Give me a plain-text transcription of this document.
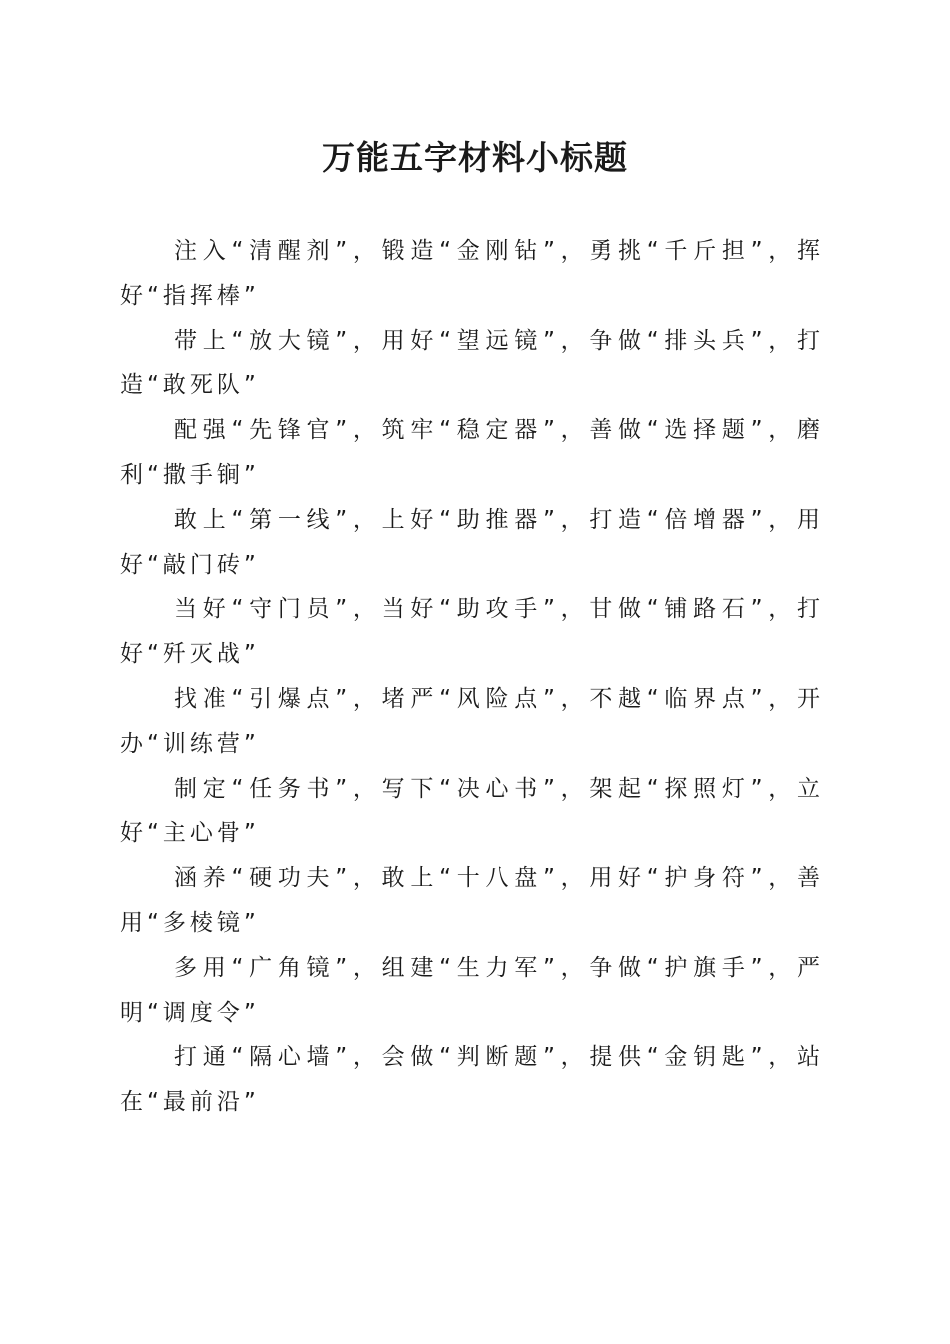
万能五字材料小标题

注入“清醒剂”，锻造“金刚钻”，勇挑“千斤担”，挥好“指挥棒”

带上“放大镜”，用好“望远镜”，争做“排头兵”，打造“敢死队”

配强“先锋官”，筑牢“稳定器”，善做“选择题”，磨利“撒手锏”

敢上“第一线”，上好“助推器”，打造“倍增器”，用好“敲门砖”

当好“守门员”，当好“助攻手”，甘做“铺路石”，打好“歼灭战”

找准“引爆点”，堵严“风险点”，不越“临界点”，开办“训练营”

制定“任务书”，写下“决心书”，架起“探照灯”，立好“主心骨”

涵养“硬功夫”，敢上“十八盘”，用好“护身符”，善用“多棱镜”

多用“广角镜”，组建“生力军”，争做“护旗手”，严明“调度令”

打通“隔心墙”，会做“判断题”，提供“金钥匙”，站在“最前沿”
